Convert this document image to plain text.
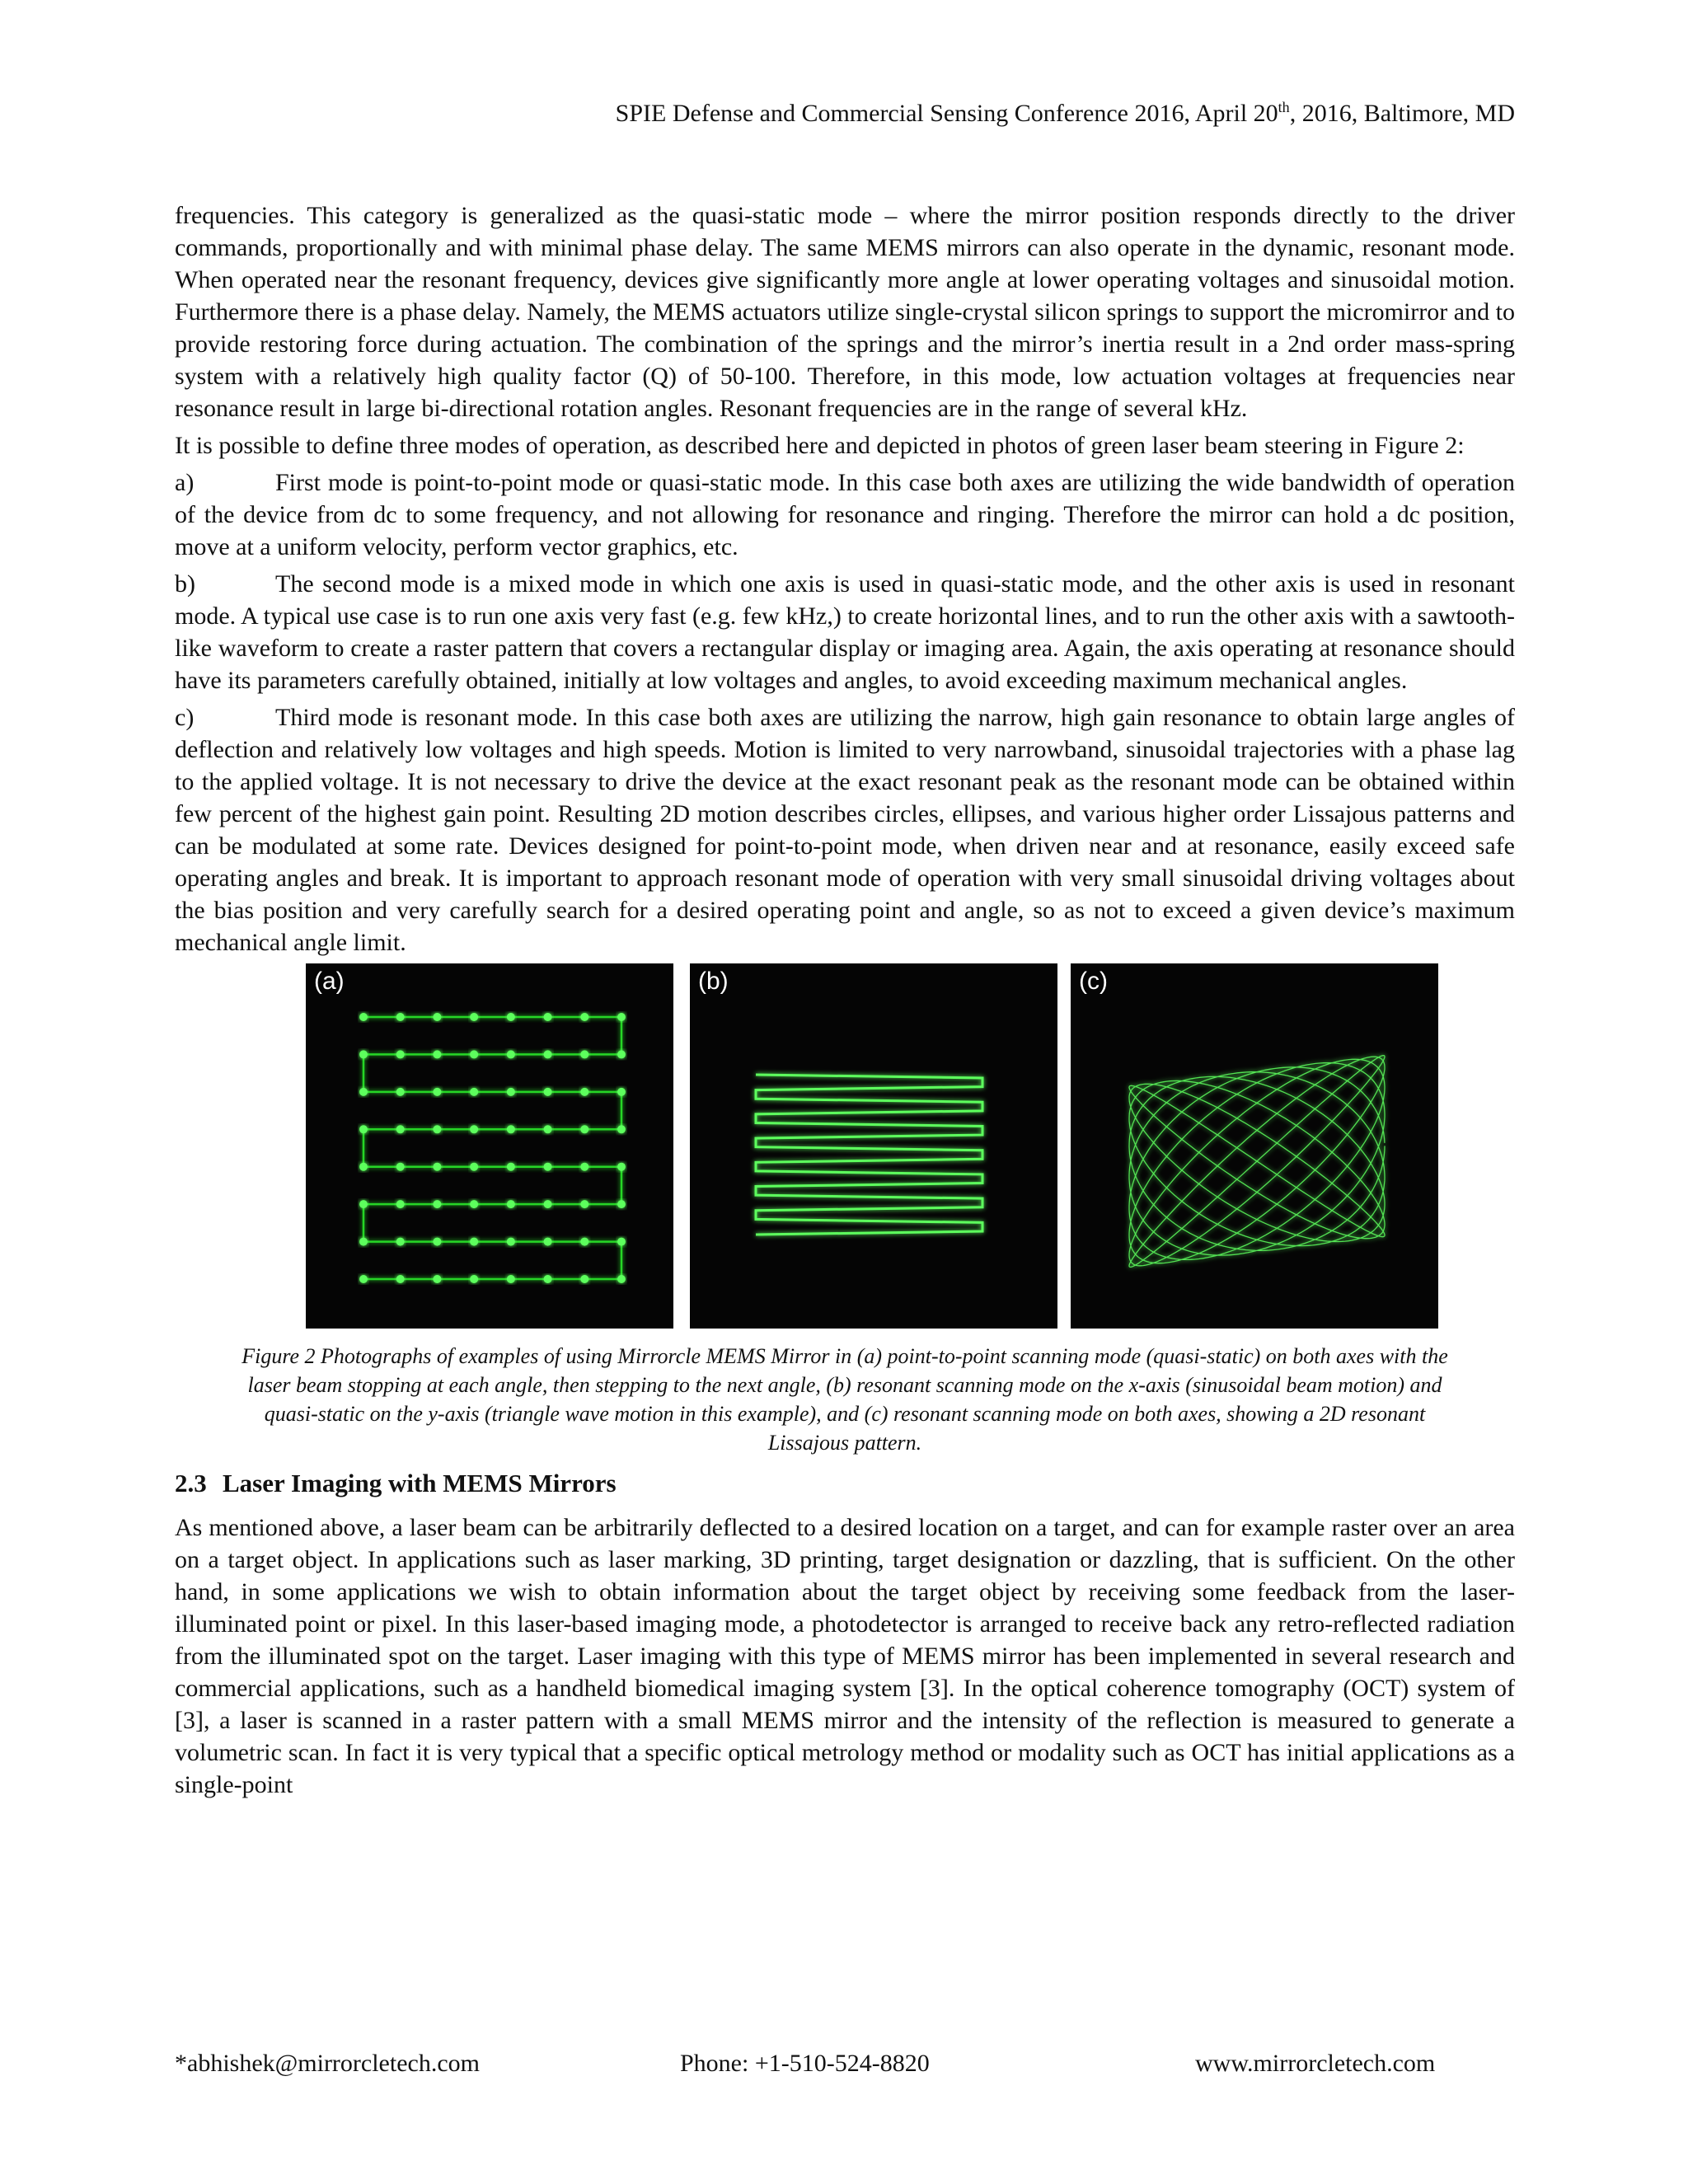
SPIE Defense and Commercial Sensing Conference 2016, April 20th, 2016, Baltimore, MD

frequencies. This category is generalized as the quasi-static mode – where the mirror position responds directly to the driver commands, proportionally and with minimal phase delay. The same MEMS mirrors can also operate in the dynamic, resonant mode. When operated near the resonant frequency, devices give significantly more angle at lower operating voltages and sinusoidal motion. Furthermore there is a phase delay. Namely, the MEMS actuators utilize single-crystal silicon springs to support the micromirror and to provide restoring force during actuation. The combination of the springs and the mirror’s inertia result in a 2nd order mass-spring system with a relatively high quality factor (Q) of 50-100. Therefore, in this mode, low actuation voltages at frequencies near resonance result in large bi-directional rotation angles. Resonant frequencies are in the range of several kHz.

It is possible to define three modes of operation, as described here and depicted in photos of green laser beam steering in Figure 2:

a)	First mode is point-to-point mode or quasi-static mode. In this case both axes are utilizing the wide bandwidth of operation of the device from dc to some frequency, and not allowing for resonance and ringing. Therefore the mirror can hold a dc position, move at a uniform velocity, perform vector graphics, etc.

b)	The second mode is a mixed mode in which one axis is used in quasi-static mode, and the other axis is used in resonant mode. A typical use case is to run one axis very fast (e.g. few kHz,) to create horizontal lines, and to run the other axis with a sawtooth-like waveform to create a raster pattern that covers a rectangular display or imaging area. Again, the axis operating at resonance should have its parameters carefully obtained, initially at low voltages and angles, to avoid exceeding maximum mechanical angles.

c)	Third mode is resonant mode. In this case both axes are utilizing the narrow, high gain resonance to obtain large angles of deflection and relatively low voltages and high speeds. Motion is limited to very narrowband, sinusoidal trajectories with a phase lag to the applied voltage. It is not necessary to drive the device at the exact resonant peak as the resonant mode can be obtained within few percent of the highest gain point. Resulting 2D motion describes circles, ellipses, and various higher order Lissajous patterns and can be modulated at some rate. Devices designed for point-to-point mode, when driven near and at resonance, easily exceed safe operating angles and break. It is important to approach resonant mode of operation with very small sinusoidal driving voltages about the bias position and very carefully search for a desired operating point and angle, so as not to exceed a given device’s maximum mechanical angle limit.

(a)	(b)	(c)

Figure 2 Photographs of examples of using Mirrorcle MEMS Mirror in (a) point-to-point scanning mode (quasi-static) on both axes with the laser beam stopping at each angle, then stepping to the next angle, (b) resonant scanning mode on the x-axis (sinusoidal beam motion) and quasi-static on the y-axis (triangle wave motion in this example), and (c) resonant scanning mode on both axes, showing a 2D resonant Lissajous pattern.

2.3 Laser Imaging with MEMS Mirrors

As mentioned above, a laser beam can be arbitrarily deflected to a desired location on a target, and can for example raster over an area on a target object. In applications such as laser marking, 3D printing, target designation or dazzling, that is sufficient. On the other hand, in some applications we wish to obtain information about the target object by receiving some feedback from the laser-illuminated point or pixel. In this laser-based imaging mode, a photodetector is arranged to receive back any retro-reflected radiation from the illuminated spot on the target. Laser imaging with this type of MEMS mirror has been implemented in several research and commercial applications, such as a handheld biomedical imaging system [3]. In the optical coherence tomography (OCT) system of [3], a laser is scanned in a raster pattern with a small MEMS mirror and the intensity of the reflection is measured to generate a volumetric scan. In fact it is very typical that a specific optical metrology method or modality such as OCT has initial applications as a single-point

*abhishek@mirrorcletech.com	Phone: +1-510-524-8820	www.mirrorcletech.com
